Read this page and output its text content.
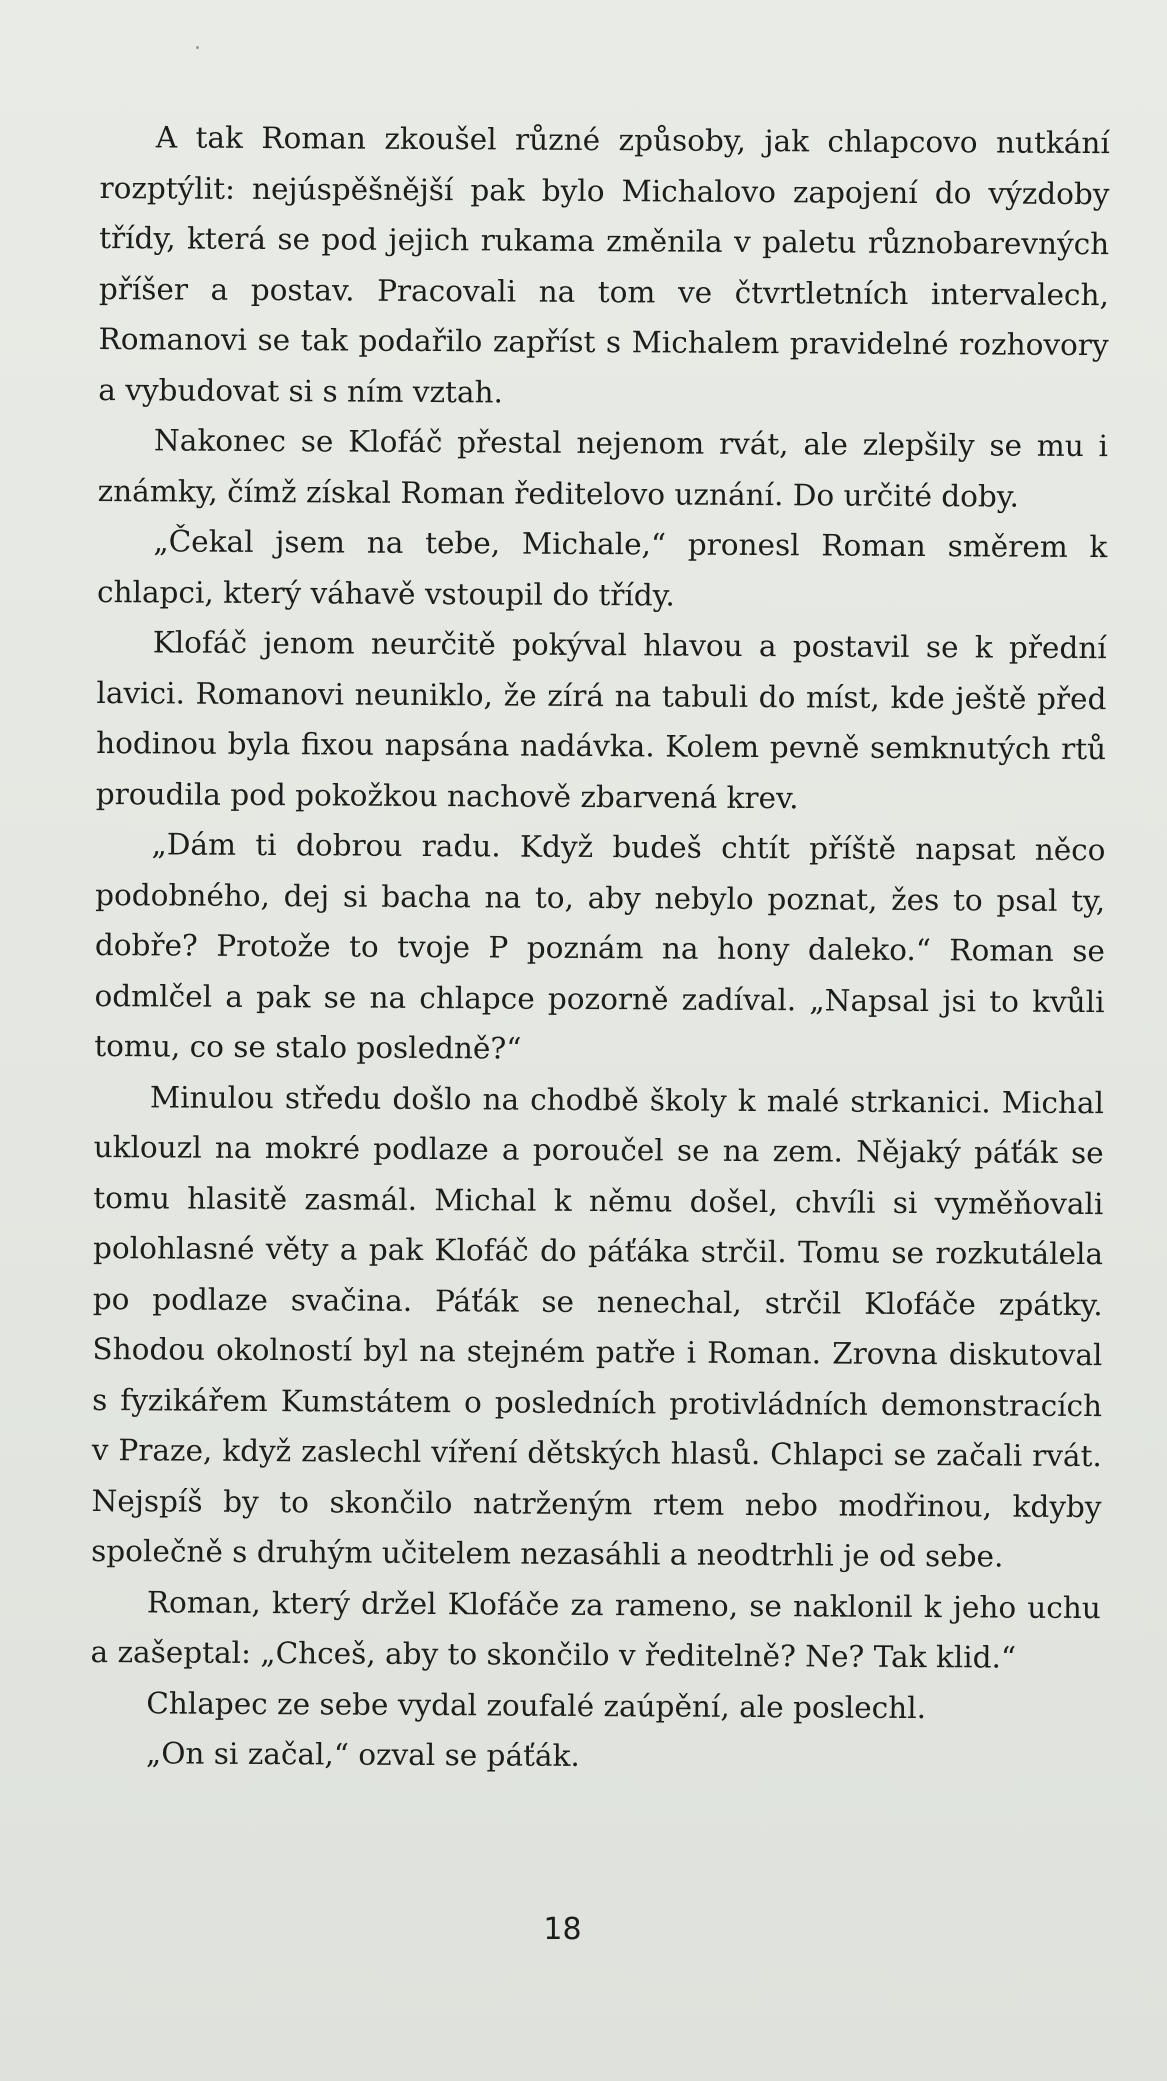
A tak Roman zkoušel různé způsoby, jak chlapcovo nutkání rozptýlit: nejúspěšnější pak bylo Michalovo zapojení do výzdoby třídy, která se pod jejich rukama změnila v paletu různobarevných příšer a postav. Pracovali na tom ve čtvrtletních intervalech, Romanovi se tak podařilo zapříst s Michalem pravidelné rozhovory a vybudovat si s ním vztah.

Nakonec se Klofáč přestal nejenom rvát, ale zlepšily se mu i známky, čímž získal Roman ředitelovo uznání. Do určité doby.

„Čekal jsem na tebe, Michale,“ pronesl Roman směrem k chlapci, který váhavě vstoupil do třídy.

Klofáč jenom neurčitě pokýval hlavou a postavil se k přední lavici. Romanovi neuniklo, že zírá na tabuli do míst, kde ještě před hodinou byla fixou napsána nadávka. Kolem pevně semknutých rtů proudila pod pokožkou nachově zbarvená krev.

„Dám ti dobrou radu. Když budeš chtít příště napsat něco podobného, dej si bacha na to, aby nebylo poznat, žes to psal ty, dobře? Protože to tvoje P poznám na hony daleko.“ Roman se odmlčel a pak se na chlapce pozorně zadíval. „Napsal jsi to kvůli tomu, co se stalo posledně?“

Minulou středu došlo na chodbě školy k malé strkanici. Michal uklouzl na mokré podlaze a poroučel se na zem. Nějaký páťák se tomu hlasitě zasmál. Michal k němu došel, chvíli si vyměňovali polohlasné věty a pak Klofáč do páťáka strčil. Tomu se rozkutálela po podlaze svačina. Páťák se nenechal, strčil Klofáče zpátky. Shodou okolností byl na stejném patře i Roman. Zrovna diskutoval s fyzikářem Kumstátem o posledních protivládních demonstracích v Praze, když zaslechl víření dětských hlasů. Chlapci se začali rvát. Nejspíš by to skončilo natrženým rtem nebo modřinou, kdyby společně s druhým učitelem nezasáhli a neodtrhli je od sebe.

Roman, který držel Klofáče za rameno, se naklonil k jeho uchu a zašeptal: „Chceš, aby to skončilo v ředitelně? Ne? Tak klid.“

Chlapec ze sebe vydal zoufalé zaúpění, ale poslechl.

„On si začal,“ ozval se páťák.

18
